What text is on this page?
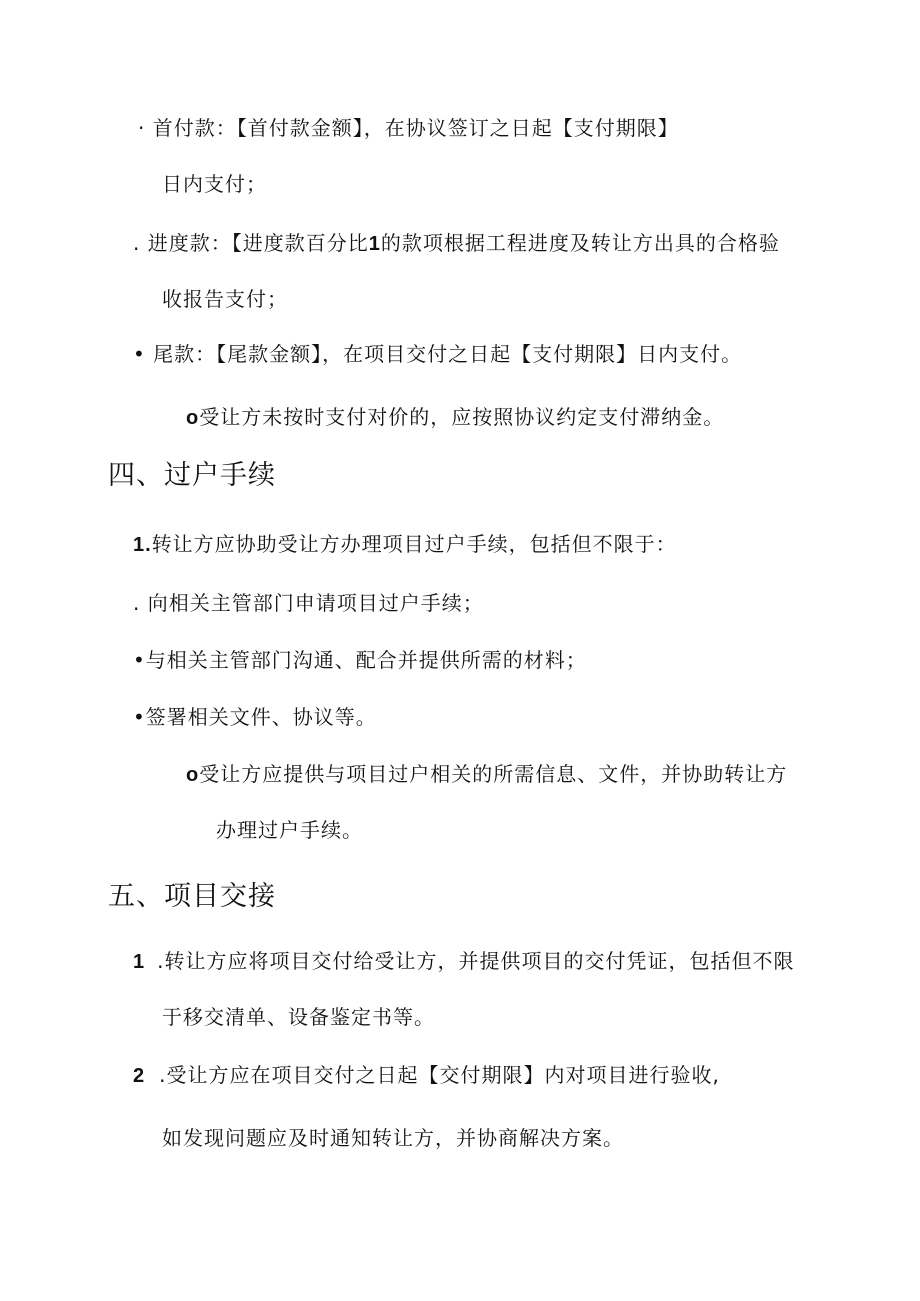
· 首付款：【首付款金额】，在协议签订之日起【支付期限】
日内支付；
. 进度款：【进度款百分比1的款项根据工程进度及转让方出具的合格验
收报告支付；
• 尾款：【尾款金额】，在项目交付之日起【支付期限】日内支付。
o受让方未按时支付对价的，应按照协议约定支付滞纳金。
四、过户手续
1.转让方应协助受让方办理项目过户手续，包括但不限于：
. 向相关主管部门申请项目过户手续；
•与相关主管部门沟通、配合并提供所需的材料；
•签署相关文件、协议等。
o受让方应提供与项目过户相关的所需信息、文件，并协助转让方
办理过户手续。
五、项目交接
1 .转让方应将项目交付给受让方，并提供项目的交付凭证，包括但不限
于移交清单、设备鉴定书等。
2 .受让方应在项目交付之日起【交付期限】内对项目进行验收,
如发现问题应及时通知转让方，并协商解决方案。
